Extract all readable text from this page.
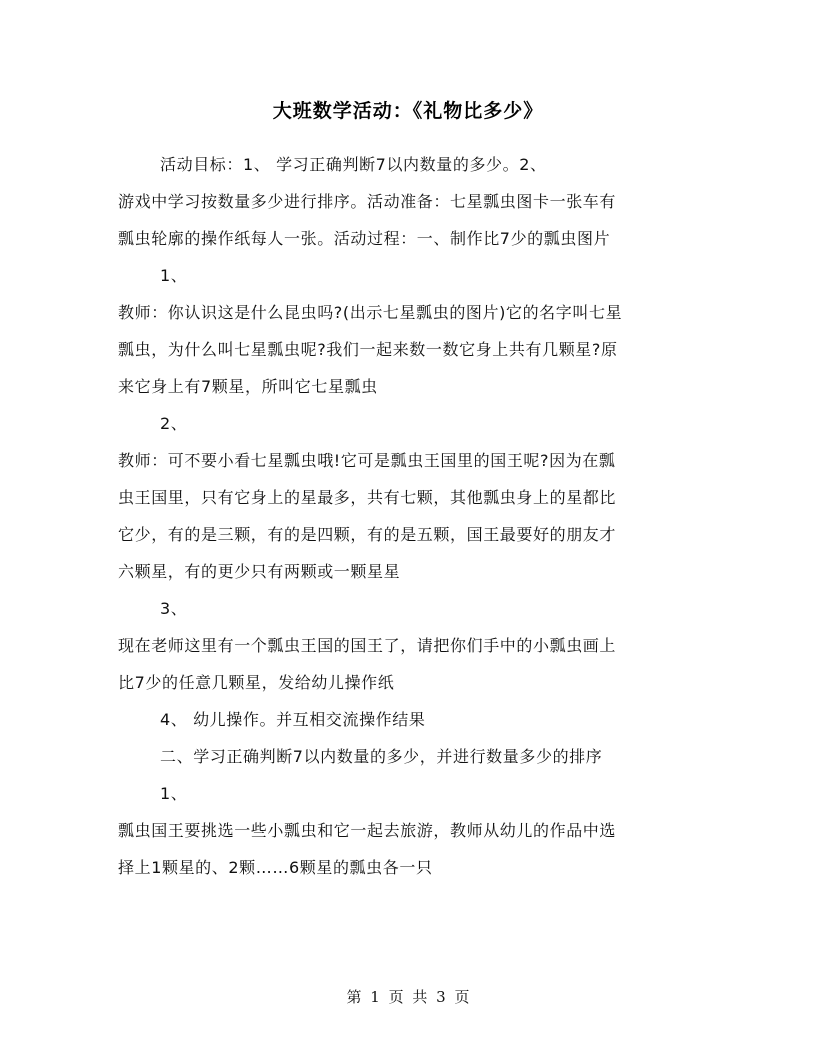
大班数学活动：《礼物比多少》
活动目标：1、 学习正确判断7以内数量的多少。2、
游戏中学习按数量多少进行排序。活动准备：七星瓢虫图卡一张车有
瓢虫轮廓的操作纸每人一张。活动过程：一、制作比7少的瓢虫图片
1、
教师：你认识这是什么昆虫吗?(出示七星瓢虫的图片)它的名字叫七星
瓢虫，为什么叫七星瓢虫呢?我们一起来数一数它身上共有几颗星?原
来它身上有7颗星，所叫它七星瓢虫
2、
教师：可不要小看七星瓢虫哦!它可是瓢虫王国里的国王呢?因为在瓢
虫王国里，只有它身上的星最多，共有七颗，其他瓢虫身上的星都比
它少，有的是三颗，有的是四颗，有的是五颗，国王最要好的朋友才
六颗星，有的更少只有两颗或一颗星星
3、
现在老师这里有一个瓢虫王国的国王了，请把你们手中的小瓢虫画上
比7少的任意几颗星，发给幼儿操作纸
4、 幼儿操作。并互相交流操作结果
二、学习正确判断7以内数量的多少，并进行数量多少的排序
1、
瓢虫国王要挑选一些小瓢虫和它一起去旅游，教师从幼儿的作品中选
择上1颗星的、2颗……6颗星的瓢虫各一只
第 1 页 共 3 页
